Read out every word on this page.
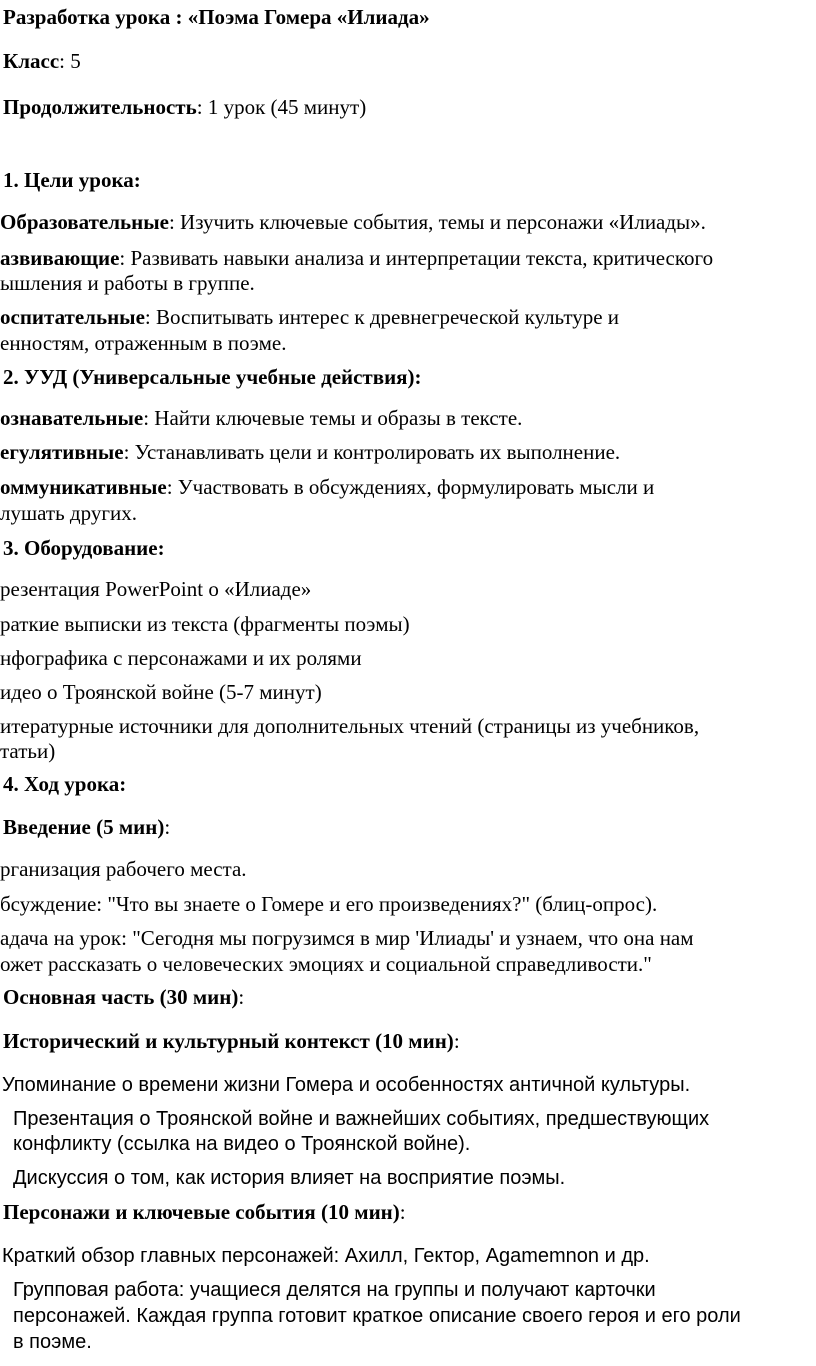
Разработка урока : «Поэма Гомера «Илиада»
Класс: 5
Продолжительность: 1 урок (45 минут)
1. Цели урока:
Образовательные: Изучить ключевые события, темы и персонажи «Илиады».
азвивающие: Развивать навыки анализа и интерпретации текста, критического
ышления и работы в группе.
оспитательные: Воспитывать интерес к древнегреческой культуре и
енностям, отраженным в поэме.
2. УУД (Универсальные учебные действия):
ознавательные: Найти ключевые темы и образы в тексте.
егулятивные: Устанавливать цели и контролировать их выполнение.
оммуникативные: Участвовать в обсуждениях, формулировать мысли и
лушать других.
3. Оборудование:
резентация PowerPoint о «Илиаде»
раткие выписки из текста (фрагменты поэмы)
нфографика с персонажами и их ролями
идео о Троянской войне (5-7 минут)
итературные источники для дополнительных чтений (страницы из учебников,
татьи)
4. Ход урока:
Введение (5 мин):
рганизация рабочего места.
бсуждение: "Что вы знаете о Гомере и его произведениях?" (блиц-опрос).
адача на урок: "Сегодня мы погрузимся в мир 'Илиады' и узнаем, что она нам
ожет рассказать о человеческих эмоциях и социальной справедливости."
Основная часть (30 мин):
Исторический и культурный контекст (10 мин):
Упоминание о времени жизни Гомера и особенностях античной культуры.
Презентация о Троянской войне и важнейших событиях, предшествующих
конфликту (ссылка на видео о Троянской войне).
Дискуссия о том, как история влияет на восприятие поэмы.
Персонажи и ключевые события (10 мин):
Краткий обзор главных персонажей: Ахилл, Гектор, Agamemnon и др.
Групповая работа: учащиеся делятся на группы и получают карточки
персонажей. Каждая группа готовит краткое описание своего героя и его роли
в поэме.
